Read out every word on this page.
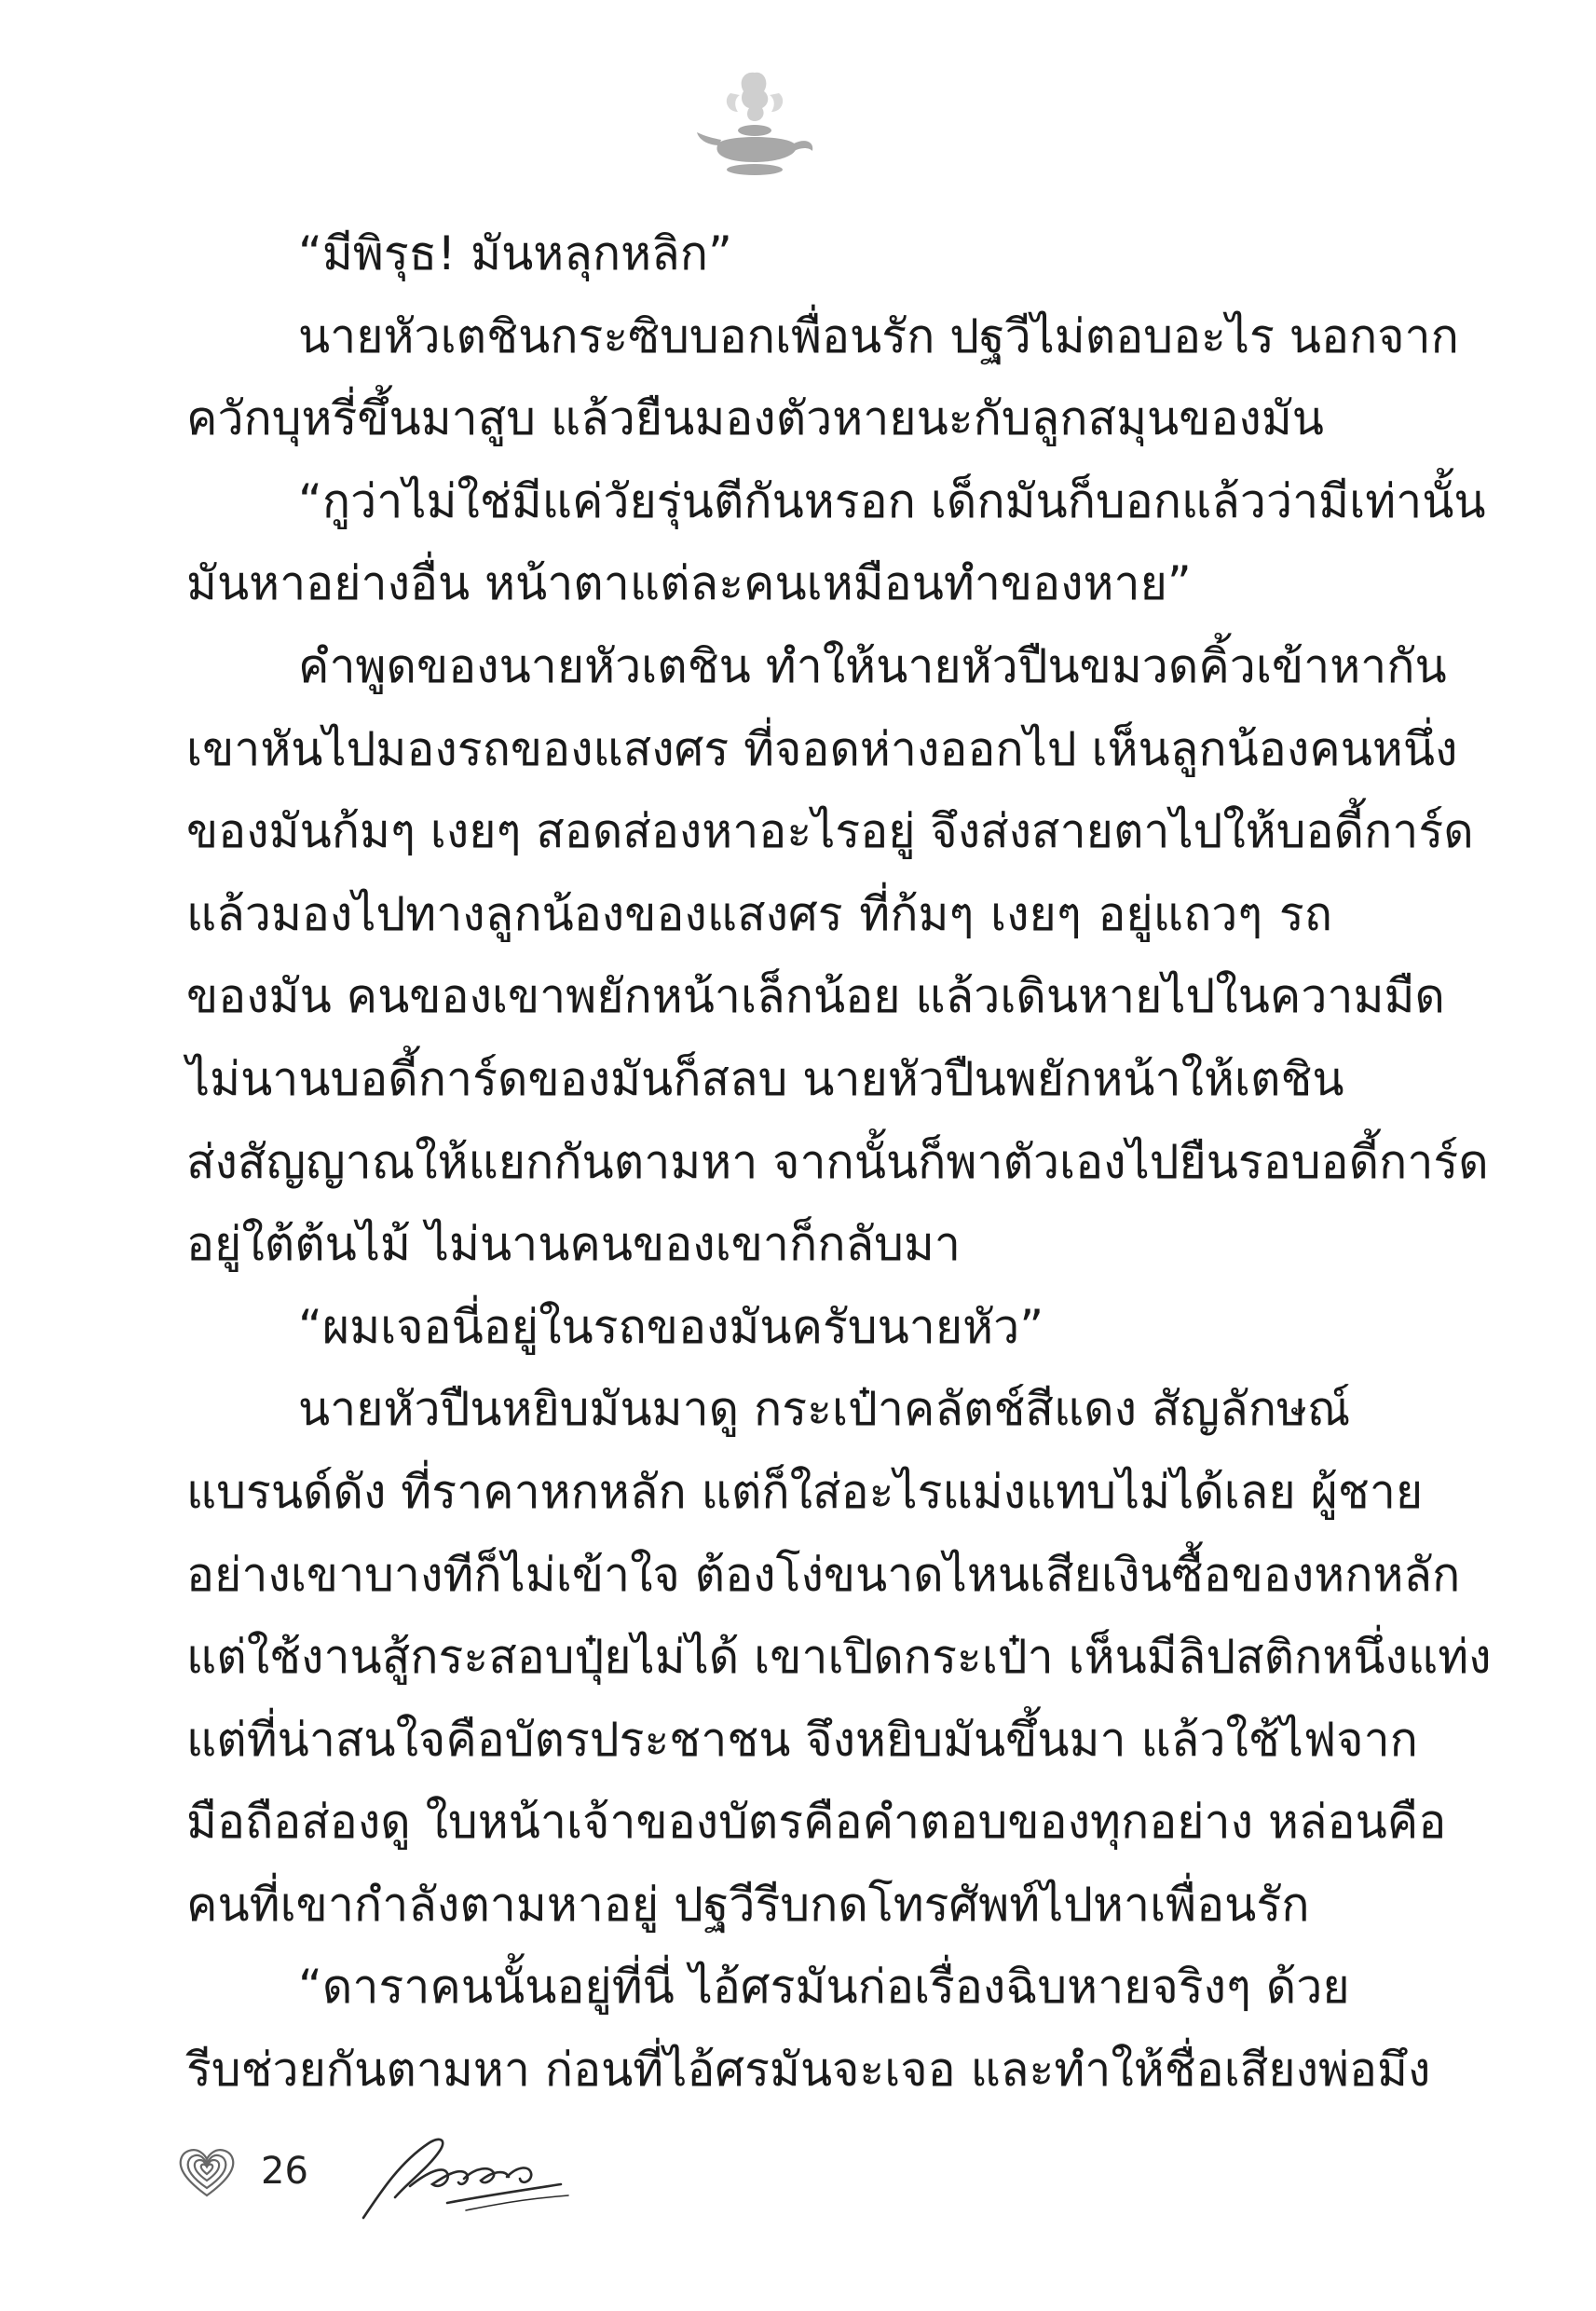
“มีพิรุธ! มันหลุกหลิก”
นายหัวเตชินกระซิบบอกเพื่อนรัก ปฐวีไม่ตอบอะไร นอกจาก
ควักบุหรี่ขึ้นมาสูบ แล้วยืนมองตัวหายนะกับลูกสมุนของมัน
“กูว่าไม่ใช่มีแค่วัยรุ่นตีกันหรอก เด็กมันก็บอกแล้วว่ามีเท่านั้น
มันหาอย่างอื่น หน้าตาแต่ละคนเหมือนทำของหาย”
คำพูดของนายหัวเตชิน ทำให้นายหัวปืนขมวดคิ้วเข้าหากัน
เขาหันไปมองรถของแสงศร ที่จอดห่างออกไป เห็นลูกน้องคนหนึ่ง
ของมันก้มๆ เงยๆ สอดส่องหาอะไรอยู่ จึงส่งสายตาไปให้บอดี้การ์ด
แล้วมองไปทางลูกน้องของแสงศร ที่ก้มๆ เงยๆ อยู่แถวๆ รถ
ของมัน คนของเขาพยักหน้าเล็กน้อย แล้วเดินหายไปในความมืด
ไม่นานบอดี้การ์ดของมันก็สลบ นายหัวปืนพยักหน้าให้เตชิน
ส่งสัญญาณให้แยกกันตามหา จากนั้นก็พาตัวเองไปยืนรอบอดี้การ์ด
อยู่ใต้ต้นไม้ ไม่นานคนของเขาก็กลับมา
“ผมเจอนี่อยู่ในรถของมันครับนายหัว”
นายหัวปืนหยิบมันมาดู กระเป๋าคลัตช์สีแดง สัญลักษณ์
แบรนด์ดัง ที่ราคาหกหลัก แต่ก็ใส่อะไรแม่งแทบไม่ได้เลย ผู้ชาย
อย่างเขาบางทีก็ไม่เข้าใจ ต้องโง่ขนาดไหนเสียเงินซื้อของหกหลัก
แต่ใช้งานสู้กระสอบปุ๋ยไม่ได้ เขาเปิดกระเป๋า เห็นมีลิปสติกหนึ่งแท่ง
แต่ที่น่าสนใจคือบัตรประชาชน จึงหยิบมันขึ้นมา แล้วใช้ไฟจาก
มือถือส่องดู ใบหน้าเจ้าของบัตรคือคำตอบของทุกอย่าง หล่อนคือ
คนที่เขากำลังตามหาอยู่ ปฐวีรีบกดโทรศัพท์ไปหาเพื่อนรัก
“ดาราคนนั้นอยู่ที่นี่ ไอ้ศรมันก่อเรื่องฉิบหายจริงๆ ด้วย
รีบช่วยกันตามหา ก่อนที่ไอ้ศรมันจะเจอ และทำให้ชื่อเสียงพ่อมึง
26
